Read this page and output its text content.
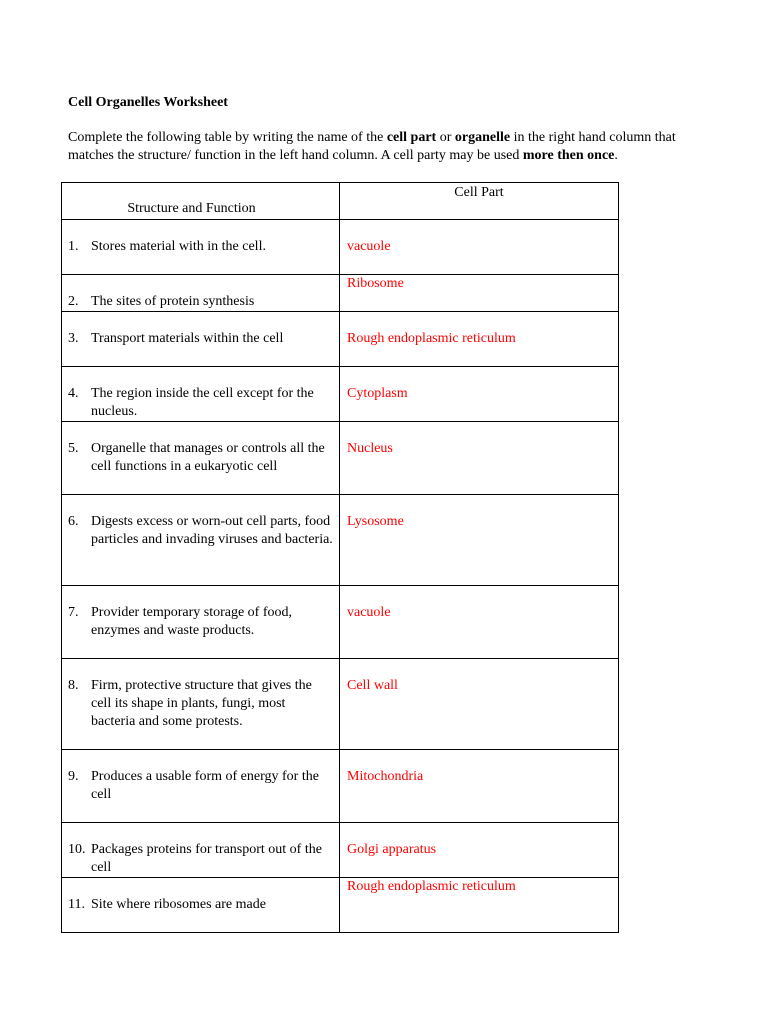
Cell Organelles Worksheet
Complete the following table by writing the name of the cell part or organelle in the right hand column that matches the structure/ function in the left hand column. A cell party may be used more then once.
Structure and Function	Cell Part

1. Stores material with in the cell.	vacuole

2. The sites of protein synthesis	Ribosome

3. Transport materials within the cell	Rough endoplasmic reticulum

4. The region inside the cell except for the nucleus.	Cytoplasm

5. Organelle that manages or controls all the cell functions in a eukaryotic cell	Nucleus

6. Digests excess or worn-out cell parts, food particles and invading viruses and bacteria.	Lysosome

7. Provider temporary storage of food, enzymes and waste products.	vacuole

8. Firm, protective structure that gives the cell its shape in plants, fungi, most bacteria and some protests.	Cell wall

9. Produces a usable form of energy for the cell	Mitochondria

10. Packages proteins for transport out of the cell	Golgi apparatus

11. Site where ribosomes are made	Rough endoplasmic reticulum
